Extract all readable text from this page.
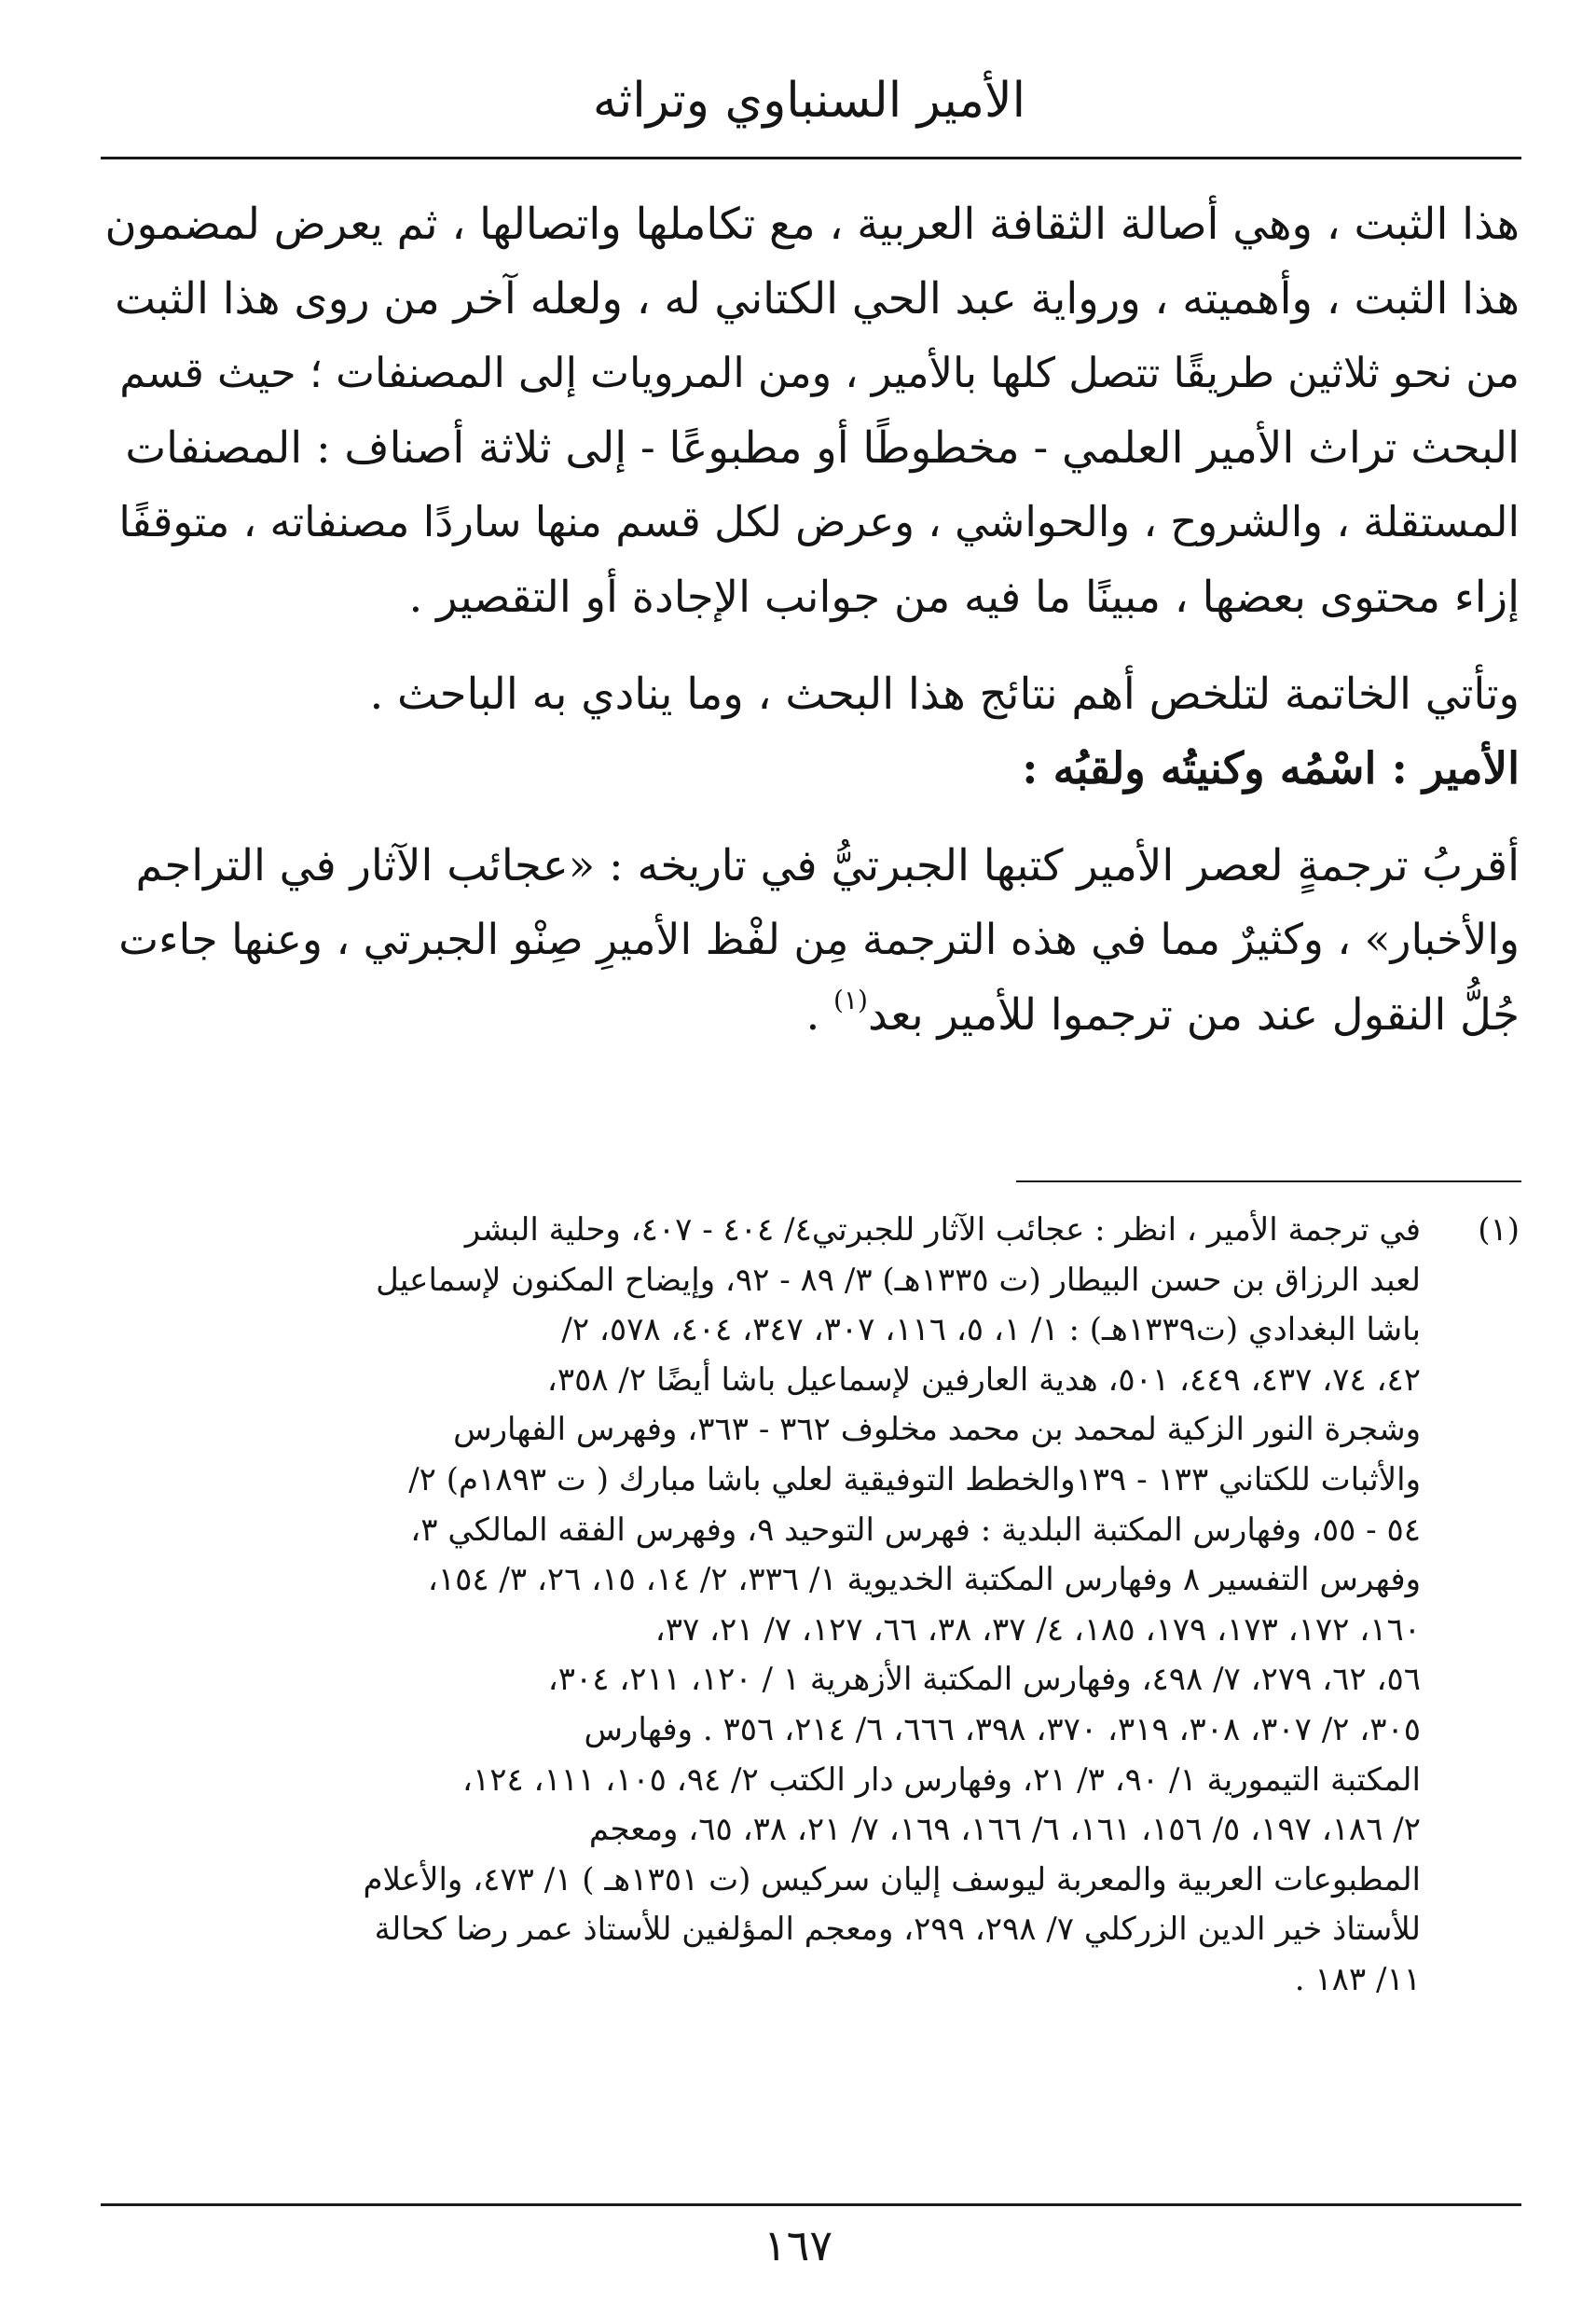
الأمير السنباوي وتراثه
هذا الثبت ، وهي أصالة الثقافة العربية ، مع تكاملها واتصالها ، ثم يعرض لمضمون
هذا الثبت ، وأهميته ، ورواية عبد الحي الكتاني له ، ولعله آخر من روى هذا الثبت
من نحو ثلاثين طريقًا تتصل كلها بالأمير ، ومن المرويات إلى المصنفات ؛ حيث قسم
البحث تراث الأمير العلمي - مخطوطًا أو مطبوعًا - إلى ثلاثة أصناف : المصنفات
المستقلة ، والشروح ، والحواشي ، وعرض لكل قسم منها ساردًا مصنفاته ، متوقفًا
إزاء محتوى بعضها ، مبينًا ما فيه من جوانب الإجادة أو التقصير .
وتأتي الخاتمة لتلخص أهم نتائج هذا البحث ، وما ينادي به الباحث .
الأمير : اسْمُه وكنيتُه ولقبُه :
أقربُ ترجمةٍ لعصر الأمير كتبها الجبرتيُّ في تاريخه : «عجائب الآثار في التراجم
والأخبار» ، وكثيرٌ مما في هذه الترجمة مِن لفْظ الأميرِ صِنْو الجبرتي ، وعنها جاءت
جُلُّ النقول عند من ترجموا للأمير بعد$^{(١)}$ .
(١)
في ترجمة الأمير ، انظر : عجائب الآثار للجبرتي٤/ ٤٠٤ - ٤٠٧، وحلية البشر
لعبد الرزاق بن حسن البيطار (ت ١٣٣٥هـ) ٣/ ٨٩ - ٩٢، وإيضاح المكنون لإسماعيل
باشا البغدادي (ت١٣٣٩هـ) : ١/ ١، ٥، ١١٦، ٣٠٧، ٣٤٧، ٤٠٤، ٥٧٨، ٢/
٤٢، ٧٤، ٤٣٧، ٤٤٩، ٥٠١، هدية العارفين لإسماعيل باشا أيضًا ٢/ ٣٥٨،
وشجرة النور الزكية لمحمد بن محمد مخلوف ٣٦٢ - ٣٦٣، وفهرس الفهارس
والأثبات للكتاني ١٣٣ - ١٣٩والخطط التوفيقية لعلي باشا مبارك ( ت ١٨٩٣م) ٢/
٥٤ - ٥٥، وفهارس المكتبة البلدية : فهرس التوحيد ٩، وفهرس الفقه المالكي ٣،
وفهرس التفسير ٨ وفهارس المكتبة الخديوية ١/ ٣٣٦، ٢/ ١٤، ١٥، ٢٦، ٣/ ١٥٤،
١٦٠، ١٧٢، ١٧٣، ١٧٩، ١٨٥، ٤/ ٣٧، ٣٨، ٦٦، ١٢٧، ٧/ ٢١، ٣٧،
٥٦، ٦٢، ٢٧٩، ٧/ ٤٩٨، وفهارس المكتبة الأزهرية ١ / ١٢٠، ٢١١، ٣٠٤،
٣٠٥، ٢/ ٣٠٧، ٣٠٨، ٣١٩، ٣٧٠، ٣٩٨، ٦٦٦، ٦/ ٢١٤، ٣٥٦ . وفهارس
المكتبة التيمورية ١/ ٩٠، ٣/ ٢١، وفهارس دار الكتب ٢/ ٩٤، ١٠٥، ١١١، ١٢٤،
٢/ ١٨٦، ١٩٧، ٥/ ١٥٦، ١٦١، ٦/ ١٦٦، ١٦٩، ٧/ ٢١، ٣٨، ٦٥، ومعجم
المطبوعات العربية والمعربة ليوسف إليان سركيس (ت ١٣٥١هـ ) ١/ ٤٧٣، والأعلام
للأستاذ خير الدين الزركلي ٧/ ٢٩٨، ٢٩٩، ومعجم المؤلفين للأستاذ عمر رضا كحالة
١١/ ١٨٣ .
١٦٧
